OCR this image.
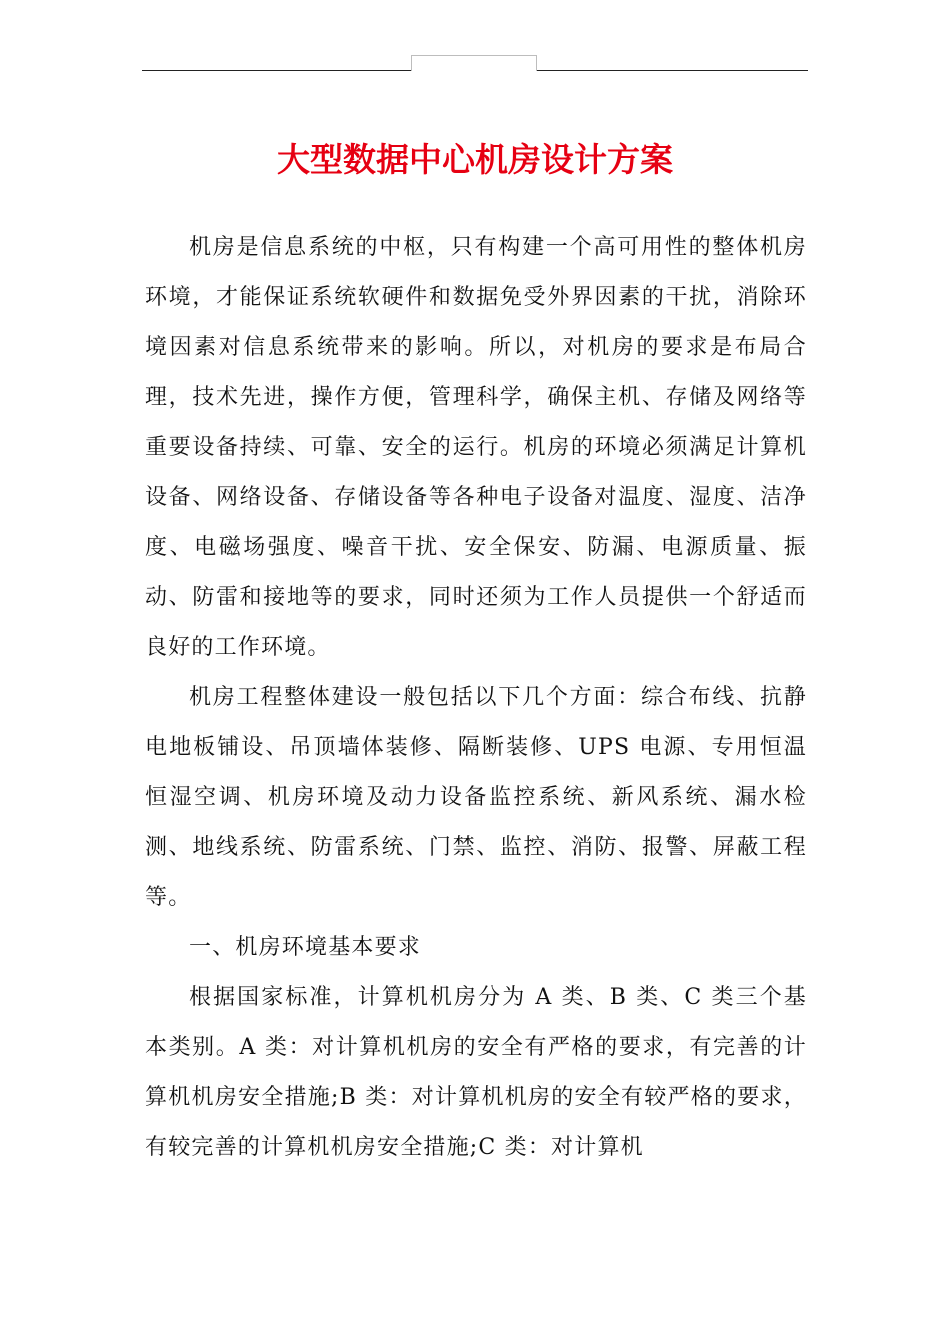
大型数据中心机房设计方案

机房是信息系统的中枢，只有构建一个高可用性的整体机房环境，才能保证系统软硬件和数据免受外界因素的干扰，消除环境因素对信息系统带来的影响。所以，对机房的要求是布局合理，技术先进，操作方便，管理科学，确保主机、存储及网络等重要设备持续、可靠、安全的运行。机房的环境必须满足计算机设备、网络设备、存储设备等各种电子设备对温度、湿度、洁净度、电磁场强度、噪音干扰、安全保安、防漏、电源质量、振动、防雷和接地等的要求，同时还须为工作人员提供一个舒适而良好的工作环境。

机房工程整体建设一般包括以下几个方面：综合布线、抗静电地板铺设、吊顶墙体装修、隔断装修、UPS 电源、专用恒温恒湿空调、机房环境及动力设备监控系统、新风系统、漏水检测、地线系统、防雷系统、门禁、监控、消防、报警、屏蔽工程等。

一、机房环境基本要求

根据国家标准，计算机机房分为 A 类、B 类、C 类三个基本类别。A 类：对计算机机房的安全有严格的要求，有完善的计算机机房安全措施;B 类：对计算机机房的安全有较严格的要求，有较完善的计算机机房安全措施;C 类：对计算机
